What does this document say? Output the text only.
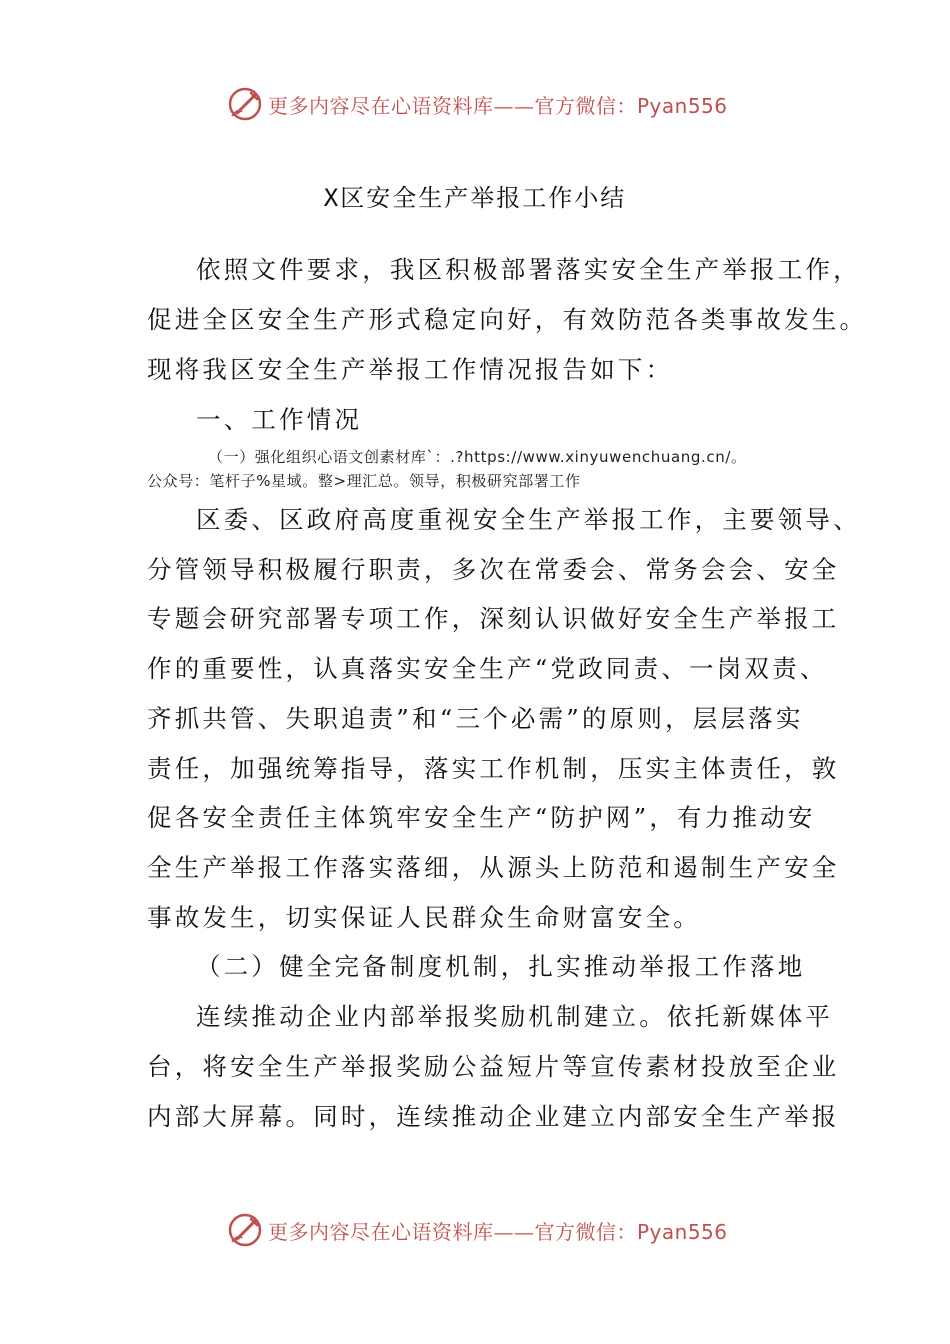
更多内容尽在心语资料库—— 官方微信：Pyan556
X区安全生产举报工作小结
依照文件要求，我区积极部署落实安全生产举报工作，
促进全区安全生产形式稳定向好，有效防范各类事故发生。
现将我区安全生产举报工作情况报告如下：
一、工作情况
（一）强化组织心语文创素材库`：.?https://www.xinyuwenchuang.cn/。
公众号：笔杆子%星域。整>理汇总。领导，积极研究部署工作
区委、区政府高度重视安全生产举报工作，主要领导、
分管领导积极履行职责，多次在常委会、常务会会、安全
专题会研究部署专项工作，深刻认识做好安全生产举报工
作的重要性，认真落实安全生产“党政同责、一岗双责、
齐抓共管、失职追责”和“三个必需”的原则，层层落实
责任，加强统筹指导，落实工作机制，压实主体责任，敦
促各安全责任主体筑牢安全生产“防护网”，有力推动安
全生产举报工作落实落细，从源头上防范和遏制生产安全
事故发生，切实保证人民群众生命财富安全。
（二）健全完备制度机制，扎实推动举报工作落地
连续推动企业内部举报奖励机制建立。依托新媒体平
台，将安全生产举报奖励公益短片等宣传素材投放至企业
内部大屏幕。同时，连续推动企业建立内部安全生产举报
更多内容尽在心语资料库—— 官方微信：Pyan556
